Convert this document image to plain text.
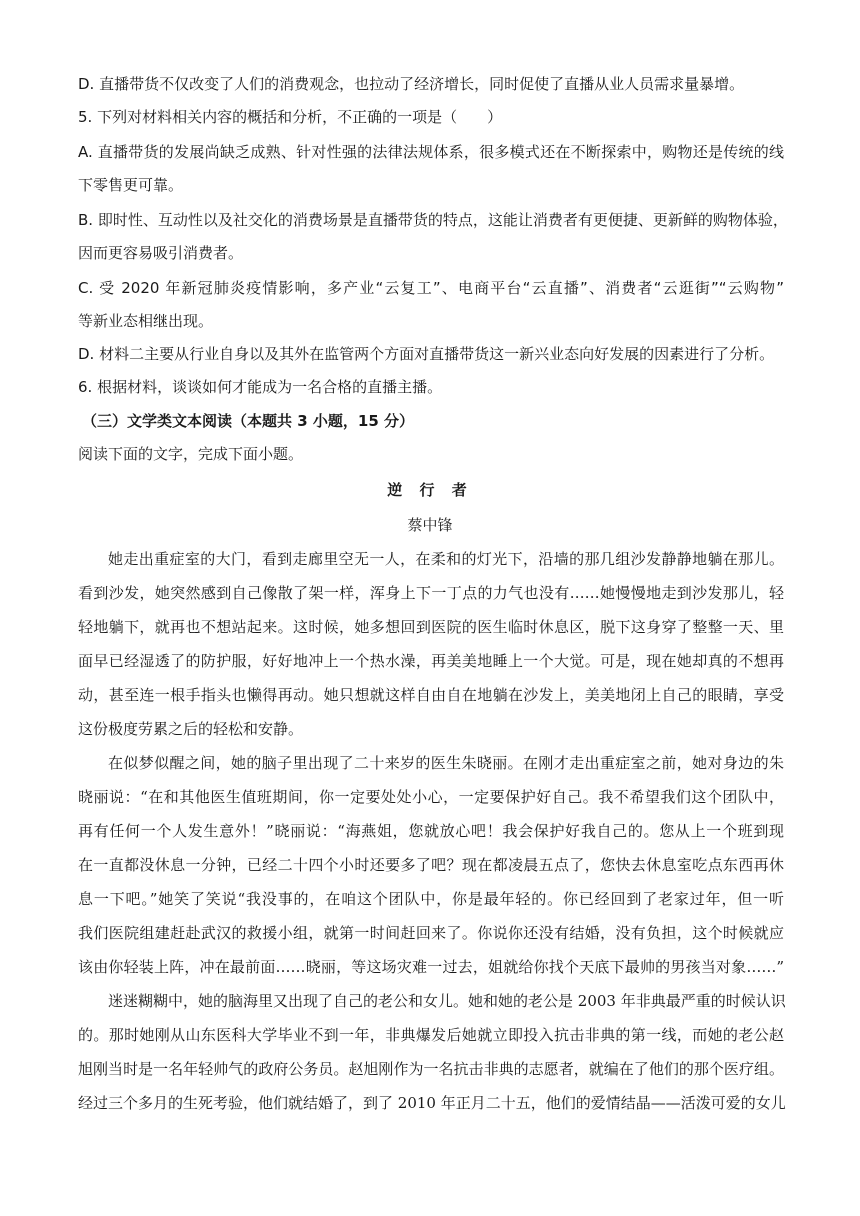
D. 直播带货不仅改变了人们的消费观念，也拉动了经济增长，同时促使了直播从业人员需求量暴增。
5. 下列对材料相关内容的概括和分析，不正确的一项是（　　）
A. 直播带货的发展尚缺乏成熟、针对性强的法律法规体系，很多模式还在不断探索中，购物还是传统的线
下零售更可靠。
B. 即时性、互动性以及社交化的消费场景是直播带货的特点，这能让消费者有更便捷、更新鲜的购物体验，
因而更容易吸引消费者。
C. 受 2020 年新冠肺炎疫情影响，多产业“云复工”、电商平台“云直播”、消费者“云逛街”“云购物”
等新业态相继出现。
D. 材料二主要从行业自身以及其外在监管两个方面对直播带货这一新兴业态向好发展的因素进行了分析。
6. 根据材料，谈谈如何才能成为一名合格的直播主播。
（三）文学类文本阅读（本题共 3 小题，15 分）
阅读下面的文字，完成下面小题。
逆 行 者
蔡中锋
她走出重症室的大门，看到走廊里空无一人，在柔和的灯光下，沿墙的那几组沙发静静地躺在那儿。
看到沙发，她突然感到自己像散了架一样，浑身上下一丁点的力气也没有……她慢慢地走到沙发那儿，轻
轻地躺下，就再也不想站起来。这时候，她多想回到医院的医生临时休息区，脱下这身穿了整整一天、里
面早已经湿透了的防护服，好好地冲上一个热水澡，再美美地睡上一个大觉。可是，现在她却真的不想再
动，甚至连一根手指头也懒得再动。她只想就这样自由自在地躺在沙发上，美美地闭上自己的眼睛，享受
这份极度劳累之后的轻松和安静。
在似梦似醒之间，她的脑子里出现了二十来岁的医生朱晓丽。在刚才走出重症室之前，她对身边的朱
晓丽说：“在和其他医生值班期间，你一定要处处小心，一定要保护好自己。我不希望我们这个团队中，
再有任何一个人发生意外！”晓丽说：“海燕姐，您就放心吧！我会保护好我自己的。您从上一个班到现
在一直都没休息一分钟，已经二十四个小时还要多了吧？现在都凌晨五点了，您快去休息室吃点东西再休
息一下吧。”她笑了笑说“我没事的，在咱这个团队中，你是最年轻的。你已经回到了老家过年，但一听
我们医院组建赶赴武汉的救援小组，就第一时间赶回来了。你说你还没有结婚，没有负担，这个时候就应
该由你轻装上阵，冲在最前面……晓丽，等这场灾难一过去，姐就给你找个天底下最帅的男孩当对象……”
迷迷糊糊中，她的脑海里又出现了自己的老公和女儿。她和她的老公是 2003 年非典最严重的时候认识
的。那时她刚从山东医科大学毕业不到一年，非典爆发后她就立即投入抗击非典的第一线，而她的老公赵
旭刚当时是一名年轻帅气的政府公务员。赵旭刚作为一名抗击非典的志愿者，就编在了他们的那个医疗组。
经过三个多月的生死考验，他们就结婚了，到了 2010 年正月二十五，他们的爱情结晶——活泼可爱的女儿
